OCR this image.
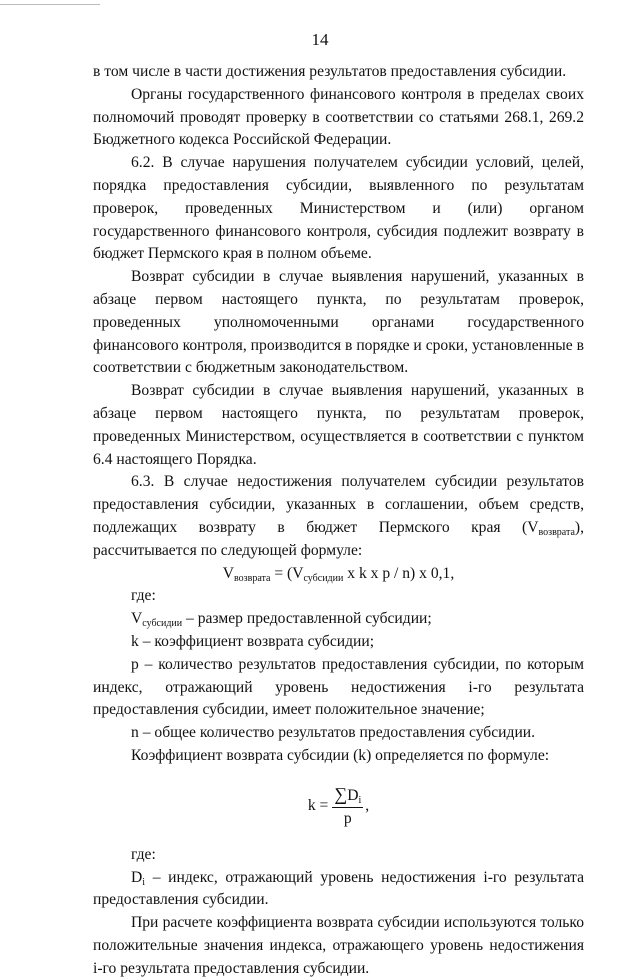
14

в том числе в части достижения результатов предоставления субсидии.

Органы государственного финансового контроля в пределах своих полномочий проводят проверку в соответствии со статьями 268.1, 269.2 Бюджетного кодекса Российской Федерации.

6.2. В случае нарушения получателем субсидии условий, целей, порядка предоставления субсидии, выявленного по результатам проверок, проведенных Министерством и (или) органом государственного финансового контроля, субсидия подлежит возврату в бюджет Пермского края в полном объеме.

Возврат субсидии в случае выявления нарушений, указанных в абзаце первом настоящего пункта, по результатам проверок, проведенных уполномоченными органами государственного финансового контроля, производится в порядке и сроки, установленные в соответствии с бюджетным законодательством.

Возврат субсидии в случае выявления нарушений, указанных в абзаце первом настоящего пункта, по результатам проверок, проведенных Министерством, осуществляется в соответствии с пунктом 6.4 настоящего Порядка.

6.3. В случае недостижения получателем субсидии результатов предоставления субсидии, указанных в соглашении, объем средств, подлежащих возврату в бюджет Пермского края $(V_{возврата})$, рассчитывается по следующей формуле:

$V_{возврата} = (V_{субсидии}$ x k x p / n) x 0,1,

где:

$V_{субсидии}$ – размер предоставленной субсидии;

k – коэффициент возврата субсидии;

p – количество результатов предоставления субсидии, по которым индекс, отражающий уровень недостижения i-го результата предоставления субсидии, имеет положительное значение;

n – общее количество результатов предоставления субсидии.

Коэффициент возврата субсидии (k) определяется по формуле:

$k = \frac{\sum D_i}{p}$ ,

где:

$D_i$ – индекс, отражающий уровень недостижения i-го результата предоставления субсидии.

При расчете коэффициента возврата субсидии используются только положительные значения индекса, отражающего уровень недостижения i-го результата предоставления субсидии.
